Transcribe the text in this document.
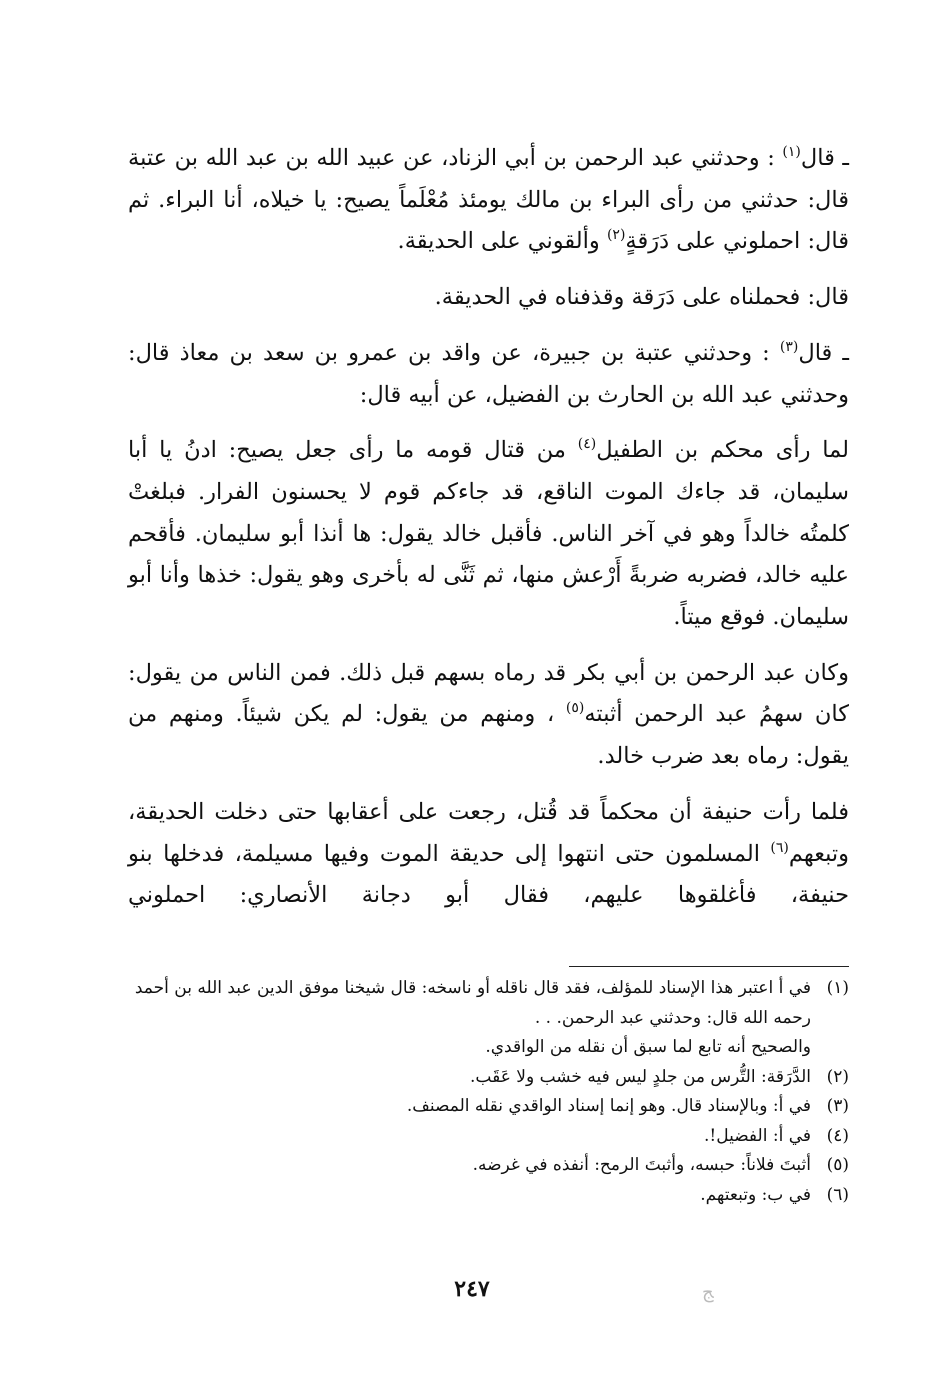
ـ قال$^{(١)}$ : وحدثني عبد الرحمن بن أبي الزناد، عن عبيد الله بن عبد الله بن عتبة قال: حدثني من رأى البراء بن مالك يومئذ مُعْلَماً يصيح: يا خيلاه، أنا البراء. ثم قال: احملوني على دَرَقةٍ$^{(٢)}$ وألقوني على الحديقة.

قال: فحملناه على دَرَقة وقذفناه في الحديقة.

ـ قال$^{(٣)}$ : وحدثني عتبة بن جبيرة، عن واقد بن عمرو بن سعد بن معاذ قال: وحدثني عبد الله بن الحارث بن الفضيل، عن أبيه قال:

لما رأى محكم بن الطفيل$^{(٤)}$ من قتال قومه ما رأى جعل يصيح: ادنُ يا أبا سليمان، قد جاءك الموت الناقع، قد جاءكم قوم لا يحسنون الفرار. فبلغتْ كلمتُه خالداً وهو في آخر الناس. فأقبل خالد يقول: ها أنذا أبو سليمان. فأقحم عليه خالد، فضربه ضربةً أَرْعش منها، ثم ثَنَّى له بأخرى وهو يقول: خذها وأنا أبو سليمان. فوقع ميتاً.

وكان عبد الرحمن بن أبي بكر قد رماه بسهم قبل ذلك. فمن الناس من يقول: كان سهمُ عبد الرحمن أثبته$^{(٥)}$ ، ومنهم من يقول: لم يكن شيئاً. ومنهم من يقول: رماه بعد ضرب خالد.

فلما رأت حنيفة أن محكماً قد قُتل، رجعت على أعقابها حتى دخلت الحديقة، وتبعهم$^{(٦)}$ المسلمون حتى انتهوا إلى حديقة الموت وفيها مسيلمة، فدخلها بنو حنيفة، فأغلقوها عليهم، فقال أبو دجانة الأنصاري: احملوني

(١)
في أ اعتبر هذا الإسناد للمؤلف، فقد قال ناقله أو ناسخه: قال شيخنا موفق الدين عبد الله بن أحمد رحمه الله قال: وحدثني عبد الرحمن. . .
والصحيح أنه تابع لما سبق أن نقله من الواقدي.
(٢)
الدَّرَقة: التُّرس من جلدٍ ليس فيه خشب ولا عَقَب.
(٣)
في أ: وبالإسناد قال. وهو إنما إسناد الواقدي نقله المصنف.
(٤)
في أ: الفضيل!.
(٥)
أثبتَ فلاناً: حبسه، وأثبتَ الرمح: أنفذه في غرضه.
(٦)
في ب: وتبعتهم.
٢٤٧	ﺞ
